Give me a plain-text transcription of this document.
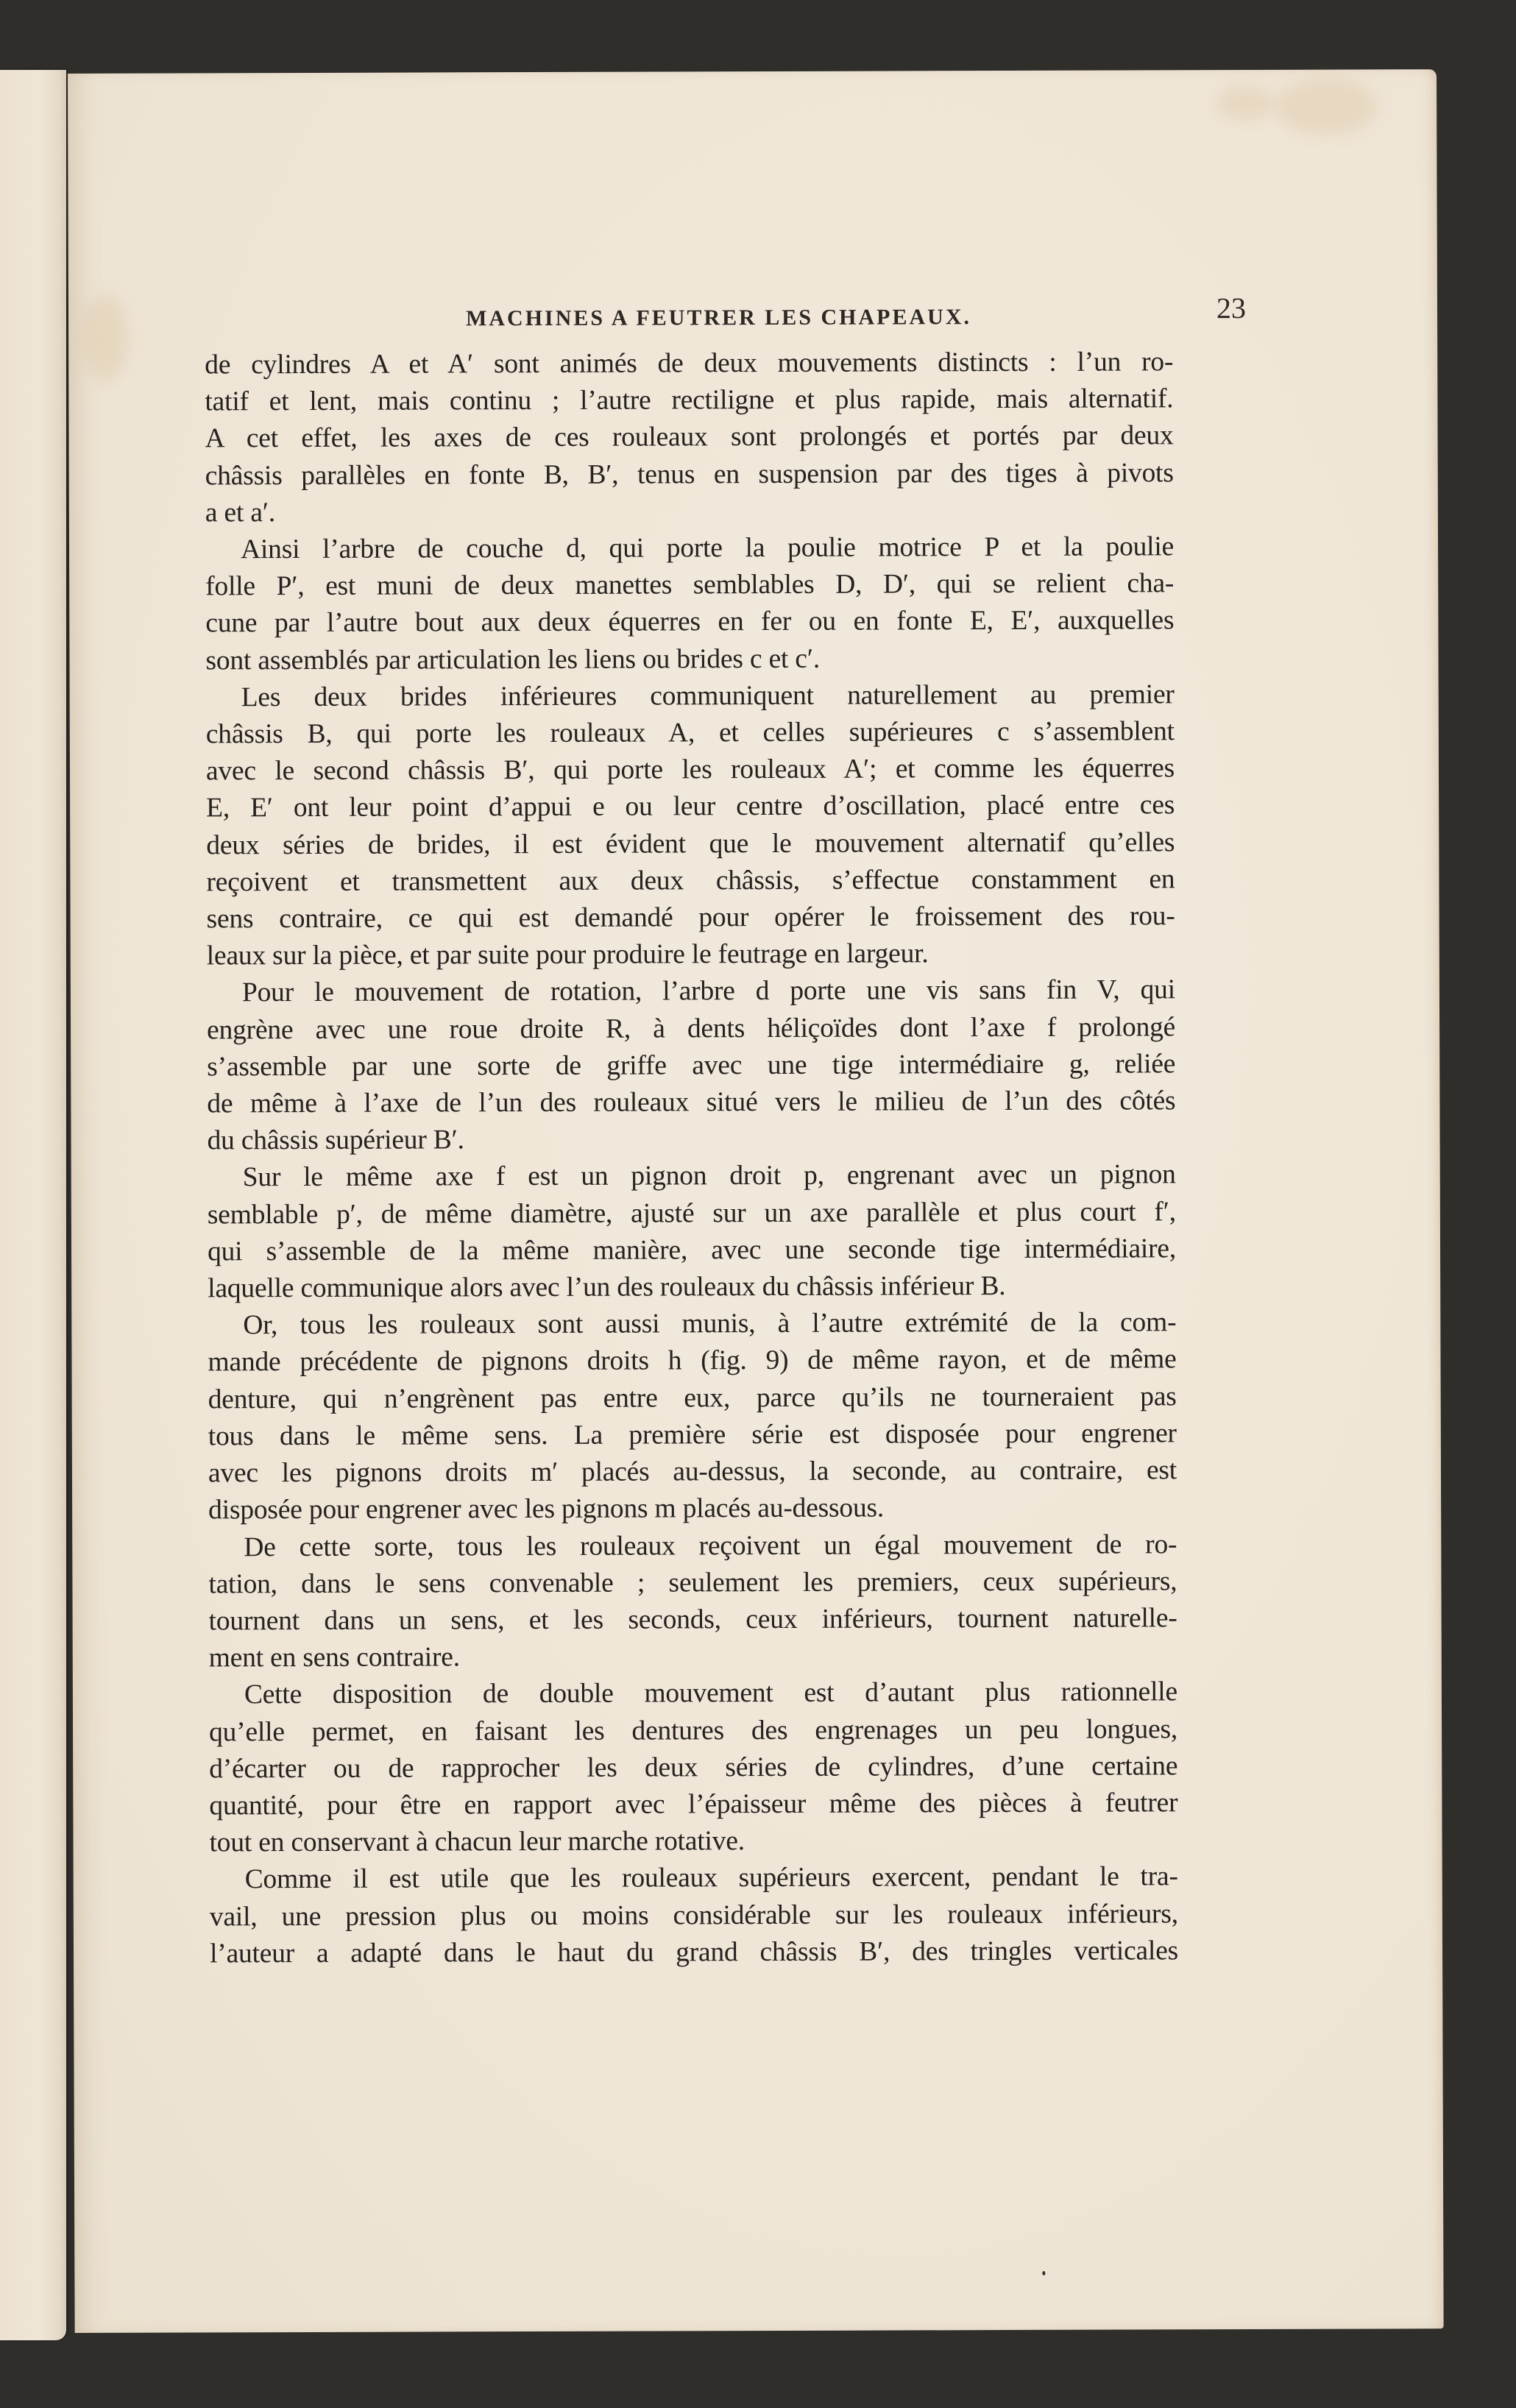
MACHINES A FEUTRER LES CHAPEAUX.	23
de cylindres A et A′ sont animés de deux mouvements distincts : l’un ro-
tatif et lent, mais continu ; l’autre rectiligne et plus rapide, mais alternatif.
A cet effet, les axes de ces rouleaux sont prolongés et portés par deux
châssis parallèles en fonte B, B′, tenus en suspension par des tiges à pivots
a et a′.
Ainsi l’arbre de couche d, qui porte la poulie motrice P et la poulie
folle P′, est muni de deux manettes semblables D, D′, qui se relient cha-
cune par l’autre bout aux deux équerres en fer ou en fonte E, E′, auxquelles
sont assemblés par articulation les liens ou brides c et c′.
Les deux brides inférieures communiquent naturellement au premier
châssis B, qui porte les rouleaux A, et celles supérieures c s’assemblent
avec le second châssis B′, qui porte les rouleaux A′; et comme les équerres
E, E′ ont leur point d’appui e ou leur centre d’oscillation, placé entre ces
deux séries de brides, il est évident que le mouvement alternatif qu’elles
reçoivent et transmettent aux deux châssis, s’effectue constamment en
sens contraire, ce qui est demandé pour opérer le froissement des rou-
leaux sur la pièce, et par suite pour produire le feutrage en largeur.
Pour le mouvement de rotation, l’arbre d porte une vis sans fin V, qui
engrène avec une roue droite R, à dents héliçoïdes dont l’axe f prolongé
s’assemble par une sorte de griffe avec une tige intermédiaire g, reliée
de même à l’axe de l’un des rouleaux situé vers le milieu de l’un des côtés
du châssis supérieur B′.
Sur le même axe f est un pignon droit p, engrenant avec un pignon
semblable p′, de même diamètre, ajusté sur un axe parallèle et plus court f′,
qui s’assemble de la même manière, avec une seconde tige intermédiaire,
laquelle communique alors avec l’un des rouleaux du châssis inférieur B.
Or, tous les rouleaux sont aussi munis, à l’autre extrémité de la com-
mande précédente de pignons droits h (fig. 9) de même rayon, et de même
denture, qui n’engrènent pas entre eux, parce qu’ils ne tourneraient pas
tous dans le même sens. La première série est disposée pour engrener
avec les pignons droits m′ placés au-dessus, la seconde, au contraire, est
disposée pour engrener avec les pignons m placés au-dessous.
De cette sorte, tous les rouleaux reçoivent un égal mouvement de ro-
tation, dans le sens convenable ; seulement les premiers, ceux supérieurs,
tournent dans un sens, et les seconds, ceux inférieurs, tournent naturelle-
ment en sens contraire.
Cette disposition de double mouvement est d’autant plus rationnelle
qu’elle permet, en faisant les dentures des engrenages un peu longues,
d’écarter ou de rapprocher les deux séries de cylindres, d’une certaine
quantité, pour être en rapport avec l’épaisseur même des pièces à feutrer
tout en conservant à chacun leur marche rotative.
Comme il est utile que les rouleaux supérieurs exercent, pendant le tra-
vail, une pression plus ou moins considérable sur les rouleaux inférieurs,
l’auteur a adapté dans le haut du grand châssis B′, des tringles verticales
